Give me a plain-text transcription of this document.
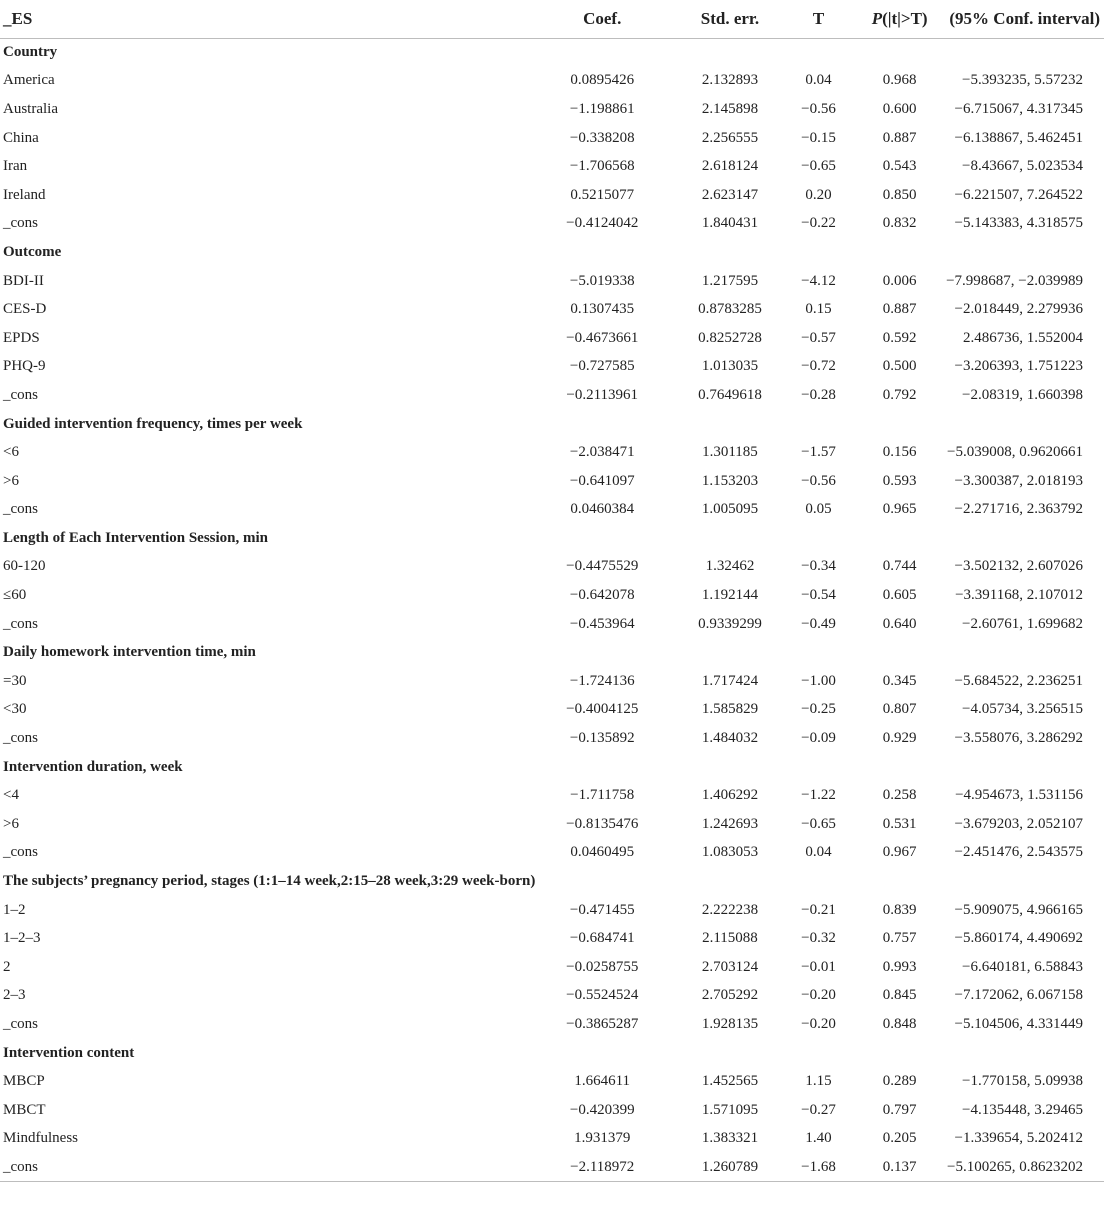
_ES	Coef.	Std. err.	T	P(|t|>T)	(95% Conf. interval)
Country					
America	0.0895426	2.132893	0.04	0.968	−5.393235, 5.57232
Australia	−1.198861	2.145898	−0.56	0.600	−6.715067, 4.317345
China	−0.338208	2.256555	−0.15	0.887	−6.138867, 5.462451
Iran	−1.706568	2.618124	−0.65	0.543	−8.43667, 5.023534
Ireland	0.5215077	2.623147	0.20	0.850	−6.221507, 7.264522
_cons	−0.4124042	1.840431	−0.22	0.832	−5.143383, 4.318575
Outcome					
BDI-II	−5.019338	1.217595	−4.12	0.006	−7.998687, −2.039989
CES-D	0.1307435	0.8783285	0.15	0.887	−2.018449, 2.279936
EPDS	−0.4673661	0.8252728	−0.57	0.592	2.486736, 1.552004
PHQ-9	−0.727585	1.013035	−0.72	0.500	−3.206393, 1.751223
_cons	−0.2113961	0.7649618	−0.28	0.792	−2.08319, 1.660398
Guided intervention frequency, times per week					
<6	−2.038471	1.301185	−1.57	0.156	−5.039008, 0.9620661
>6	−0.641097	1.153203	−0.56	0.593	−3.300387, 2.018193
_cons	0.0460384	1.005095	0.05	0.965	−2.271716, 2.363792
Length of Each Intervention Session, min					
60-120	−0.4475529	1.32462	−0.34	0.744	−3.502132, 2.607026
≤60	−0.642078	1.192144	−0.54	0.605	−3.391168, 2.107012
_cons	−0.453964	0.9339299	−0.49	0.640	−2.60761, 1.699682
Daily homework intervention time, min					
=30	−1.724136	1.717424	−1.00	0.345	−5.684522, 2.236251
<30	−0.4004125	1.585829	−0.25	0.807	−4.05734, 3.256515
_cons	−0.135892	1.484032	−0.09	0.929	−3.558076, 3.286292
Intervention duration, week					
<4	−1.711758	1.406292	−1.22	0.258	−4.954673, 1.531156
>6	−0.8135476	1.242693	−0.65	0.531	−3.679203, 2.052107
_cons	0.0460495	1.083053	0.04	0.967	−2.451476, 2.543575
The subjects’ pregnancy period, stages (1:1–14 week,2:15–28 week,3:29 week-born)					
1–2	−0.471455	2.222238	−0.21	0.839	−5.909075, 4.966165
1–2–3	−0.684741	2.115088	−0.32	0.757	−5.860174, 4.490692
2	−0.0258755	2.703124	−0.01	0.993	−6.640181, 6.58843
2–3	−0.5524524	2.705292	−0.20	0.845	−7.172062, 6.067158
_cons	−0.3865287	1.928135	−0.20	0.848	−5.104506, 4.331449
Intervention content					
MBCP	1.664611	1.452565	1.15	0.289	−1.770158, 5.09938
MBCT	−0.420399	1.571095	−0.27	0.797	−4.135448, 3.29465
Mindfulness	1.931379	1.383321	1.40	0.205	−1.339654, 5.202412
_cons	−2.118972	1.260789	−1.68	0.137	−5.100265, 0.8623202
